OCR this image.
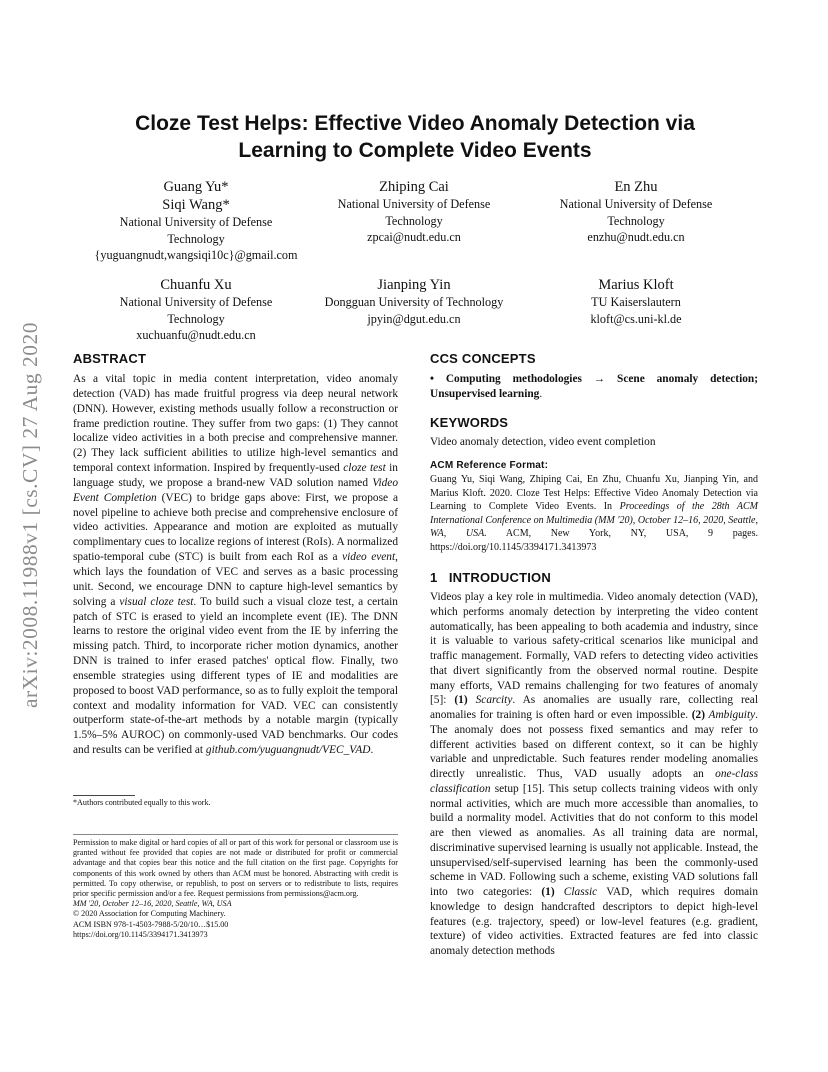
arXiv:2008.11988v1 [cs.CV] 27 Aug 2020
Cloze Test Helps: Effective Video Anomaly Detection via
Learning to Complete Video Events
Guang Yu*
Siqi Wang*
National University of Defense
Technology
{yuguangnudt,wangsiqi10c}@gmail.com
Zhiping Cai
National University of Defense
Technology
zpcai@nudt.edu.cn
En Zhu
National University of Defense
Technology
enzhu@nudt.edu.cn
Chuanfu Xu
National University of Defense
Technology
xuchuanfu@nudt.edu.cn
Jianping Yin
Dongguan University of Technology
jpyin@dgut.edu.cn
Marius Kloft
TU Kaiserslautern
kloft@cs.uni-kl.de
ABSTRACT

As a vital topic in media content interpretation, video anomaly detection (VAD) has made fruitful progress via deep neural network (DNN). However, existing methods usually follow a reconstruction or frame prediction routine. They suffer from two gaps: (1) They cannot localize video activities in a both precise and comprehensive manner. (2) They lack sufficient abilities to utilize high-level semantics and temporal context information. Inspired by frequently-used cloze test in language study, we propose a brand-new VAD solution named Video Event Completion (VEC) to bridge gaps above: First, we propose a novel pipeline to achieve both precise and comprehensive enclosure of video activities. Appearance and motion are exploited as mutually complimentary cues to localize regions of interest (RoIs). A normalized spatio-temporal cube (STC) is built from each RoI as a video event, which lays the foundation of VEC and serves as a basic processing unit. Second, we encourage DNN to capture high-level semantics by solving a visual cloze test. To build such a visual cloze test, a certain patch of STC is erased to yield an incomplete event (IE). The DNN learns to restore the original video event from the IE by inferring the missing patch. Third, to incorporate richer motion dynamics, another DNN is trained to infer erased patches' optical flow. Finally, two ensemble strategies using different types of IE and modalities are proposed to boost VAD performance, so as to fully exploit the temporal context and modality information for VAD. VEC can consistently outperform state-of-the-art methods by a notable margin (typically 1.5%–5% AUROC) on commonly-used VAD benchmarks. Our codes and results can be verified at github.com/yuguangnudt/VEC_VAD.

*Authors contributed equally to this work.

Permission to make digital or hard copies of all or part of this work for personal or classroom use is granted without fee provided that copies are not made or distributed for profit or commercial advantage and that copies bear this notice and the full citation on the first page. Copyrights for components of this work owned by others than ACM must be honored. Abstracting with credit is permitted. To copy otherwise, or republish, to post on servers or to redistribute to lists, requires prior specific permission and/or a fee. Request permissions from permissions@acm.org.
MM '20, October 12–16, 2020, Seattle, WA, USA
© 2020 Association for Computing Machinery.
ACM ISBN 978-1-4503-7988-5/20/10…$15.00
https://doi.org/10.1145/3394171.3413973
CCS CONCEPTS

• Computing methodologies → Scene anomaly detection; Unsupervised learning.

KEYWORDS

Video anomaly detection, video event completion

ACM Reference Format:

Guang Yu, Siqi Wang, Zhiping Cai, En Zhu, Chuanfu Xu, Jianping Yin, and Marius Kloft. 2020. Cloze Test Helps: Effective Video Anomaly Detection via Learning to Complete Video Events. In Proceedings of the 28th ACM International Conference on Multimedia (MM '20), October 12–16, 2020, Seattle, WA, USA. ACM, New York, NY, USA, 9 pages. https://doi.org/10.1145/3394171.3413973

1   INTRODUCTION

Videos play a key role in multimedia. Video anomaly detection (VAD), which performs anomaly detection by interpreting the video content automatically, has been appealing to both academia and industry, since it is valuable to various safety-critical scenarios like municipal and traffic management. Formally, VAD refers to detecting video activities that divert significantly from the observed normal routine. Despite many efforts, VAD remains challenging for two features of anomaly [5]: (1) Scarcity. As anomalies are usually rare, collecting real anomalies for training is often hard or even impossible. (2) Ambiguity. The anomaly does not possess fixed semantics and may refer to different activities based on different context, so it can be highly variable and unpredictable. Such features render modeling anomalies directly unrealistic. Thus, VAD usually adopts an one-class classification setup [15]. This setup collects training videos with only normal activities, which are much more accessible than anomalies, to build a normality model. Activities that do not conform to this model are then viewed as anomalies. As all training data are normal, discriminative supervised learning is usually not applicable. Instead, the unsupervised/self-supervised learning has been the commonly-used scheme in VAD. Following such a scheme, existing VAD solutions fall into two categories: (1) Classic VAD, which requires domain knowledge to design handcrafted descriptors to depict high-level features (e.g. trajectory, speed) or low-level features (e.g. gradient, texture) of video activities. Extracted features are fed into classic anomaly detection methods
